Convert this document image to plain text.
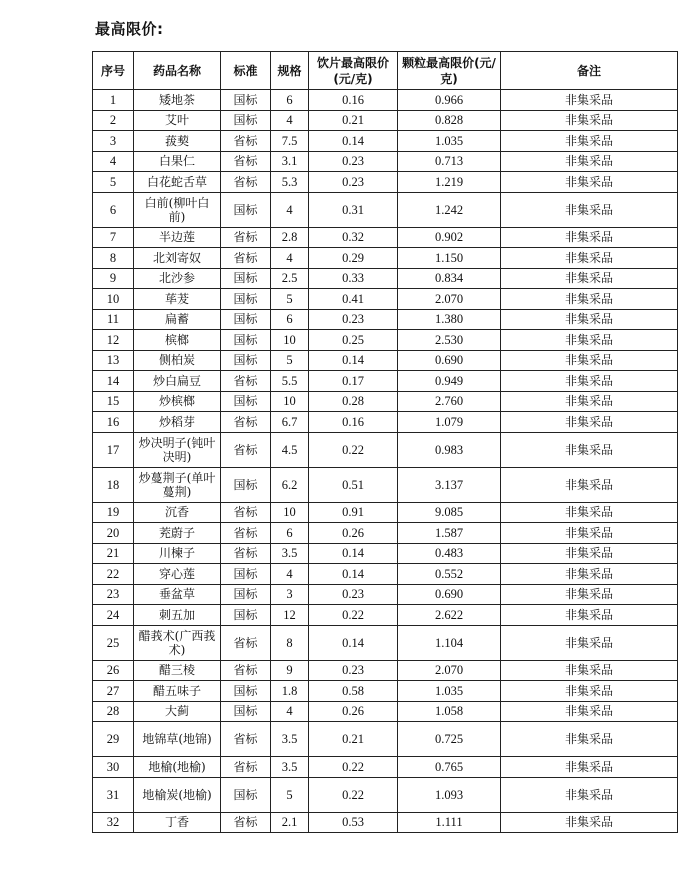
最高限价:
序号	药品名称	标准	规格	饮片最高限价(元/克)	颗粒最高限价(元/克)	备注
1	矮地茶	国标	6	0.16	0.966	非集采品
2	艾叶	国标	4	0.21	0.828	非集采品
3	菝葜	省标	7.5	0.14	1.035	非集采品
4	白果仁	省标	3.1	0.23	0.713	非集采品
5	白花蛇舌草	省标	5.3	0.23	1.219	非集采品
6	白前(柳叶白前)	国标	4	0.31	1.242	非集采品
7	半边莲	省标	2.8	0.32	0.902	非集采品
8	北刘寄奴	省标	4	0.29	1.150	非集采品
9	北沙参	国标	2.5	0.33	0.834	非集采品
10	荜茇	国标	5	0.41	2.070	非集采品
11	扁蓄	国标	6	0.23	1.380	非集采品
12	槟榔	国标	10	0.25	2.530	非集采品
13	侧柏炭	国标	5	0.14	0.690	非集采品
14	炒白扁豆	省标	5.5	0.17	0.949	非集采品
15	炒槟榔	国标	10	0.28	2.760	非集采品
16	炒稻芽	省标	6.7	0.16	1.079	非集采品
17	炒决明子(钝叶决明)	省标	4.5	0.22	0.983	非集采品
18	炒蔓荆子(单叶蔓荆)	国标	6.2	0.51	3.137	非集采品
19	沉香	省标	10	0.91	9.085	非集采品
20	茺蔚子	省标	6	0.26	1.587	非集采品
21	川楝子	省标	3.5	0.14	0.483	非集采品
22	穿心莲	国标	4	0.14	0.552	非集采品
23	垂盆草	国标	3	0.23	0.690	非集采品
24	刺五加	国标	12	0.22	2.622	非集采品
25	醋莪术(广西莪术)	省标	8	0.14	1.104	非集采品
26	醋三棱	省标	9	0.23	2.070	非集采品
27	醋五味子	国标	1.8	0.58	1.035	非集采品
28	大蓟	国标	4	0.26	1.058	非集采品
29	地锦草(地锦)	省标	3.5	0.21	0.725	非集采品
30	地榆(地榆)	省标	3.5	0.22	0.765	非集采品
31	地榆炭(地榆)	国标	5	0.22	1.093	非集采品
32	丁香	省标	2.1	0.53	1.111	非集采品
